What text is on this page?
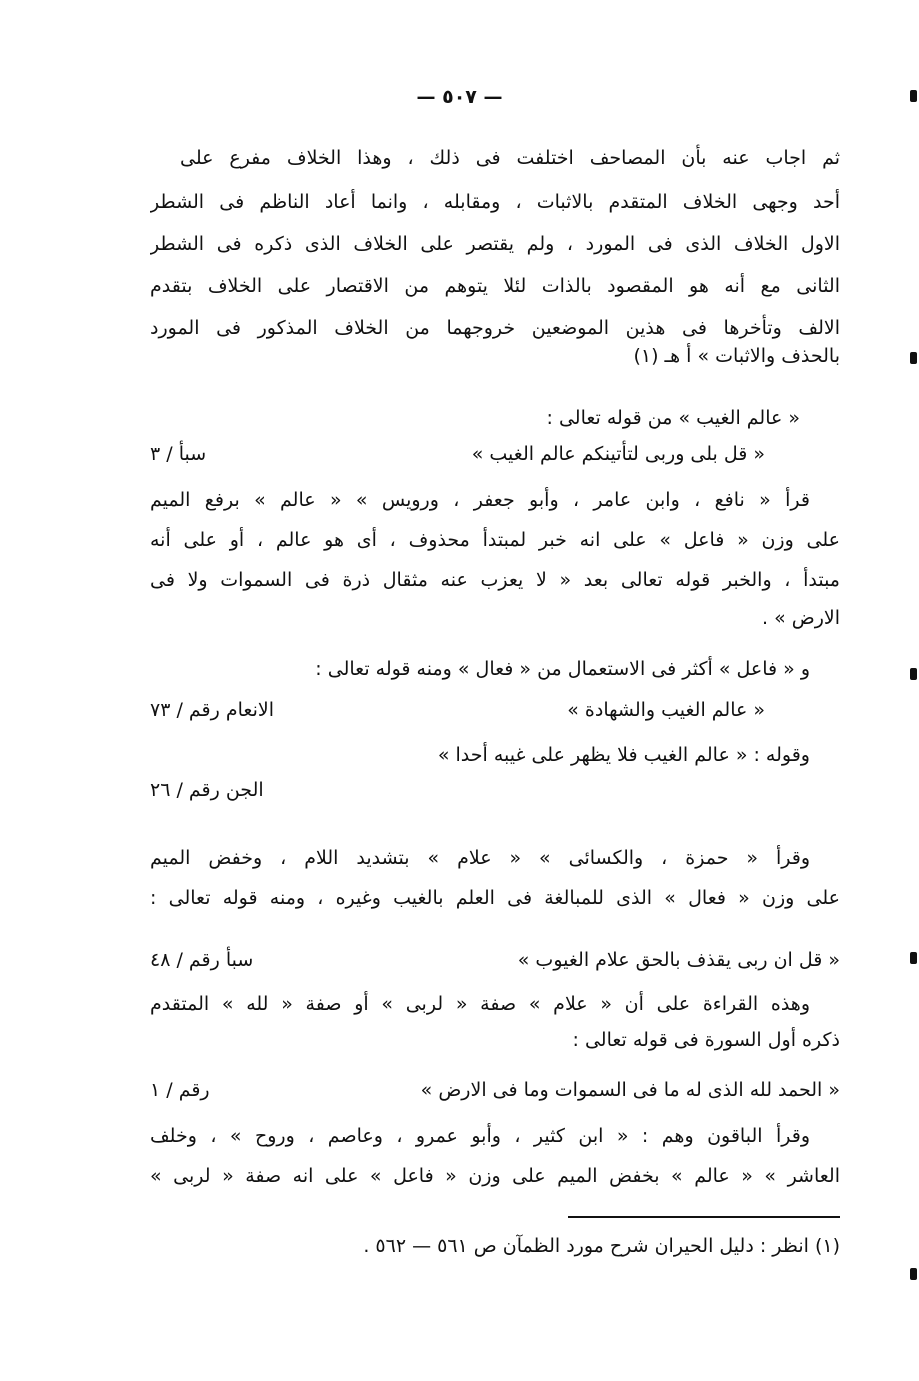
— ٥٠٧ —
ثم اجاب عنه بأن المصاحف اختلفت فى ذلك ، وهذا الخلاف مفرع على
أحد وجهى الخلاف المتقدم بالاثبات ، ومقابله ، وانما أعاد الناظم فى الشطر
الاول الخلاف الذى فى المورد ، ولم يقتصر على الخلاف الذى ذكره فى الشطر
الثانى مع أنه هو المقصود بالذات لئلا يتوهم من الاقتصار على الخلاف بتقدم
الالف وتأخرها فى هذين الموضعين خروجهما من الخلاف المذكور فى المورد
بالحذف والاثبات » أ هـ (١)
« عالم الغيب » من قوله تعالى :
« قل بلى وربى لتأتينكم عالم الغيب »
سبأ / ٣
قرأ « نافع ، وابن عامر ، وأبو جعفر ، ورويس » « عالم » برفع الميم
على وزن « فاعل » على انه خبر لمبتدأ محذوف ، أى هو عالم ، أو على أنه
مبتدأ ، والخبر قوله تعالى بعد « لا يعزب عنه مثقال ذرة فى السموات ولا فى
الارض » .
و « فاعل » أكثر فى الاستعمال من « فعال » ومنه قوله تعالى :
« عالم الغيب والشهادة »
الانعام رقم / ٧٣
وقوله : « عالم الغيب فلا يظهر على غيبه أحدا »
الجن رقم / ٢٦
وقرأ « حمزة ، والكسائى » « علام » بتشديد اللام ، وخفض الميم
على وزن « فعال » الذى للمبالغة فى العلم بالغيب وغيره ، ومنه قوله تعالى :
« قل ان ربى يقذف بالحق علام الغيوب »
سبأ رقم / ٤٨
وهذه القراءة على أن « علام » صفة « لربى » أو صفة « لله » المتقدم
ذكره أول السورة فى قوله تعالى :
« الحمد لله الذى له ما فى السموات وما فى الارض »
رقم / ١
وقرأ الباقون وهم : « ابن كثير ، وأبو عمرو ، وعاصم ، وروح » ، وخلف
العاشر » « عالم » بخفض الميم على وزن « فاعل » على انه صفة « لربى »
(١) انظر : دليل الحيران شرح مورد الظمآن ص ٥٦١ — ٥٦٢ .
